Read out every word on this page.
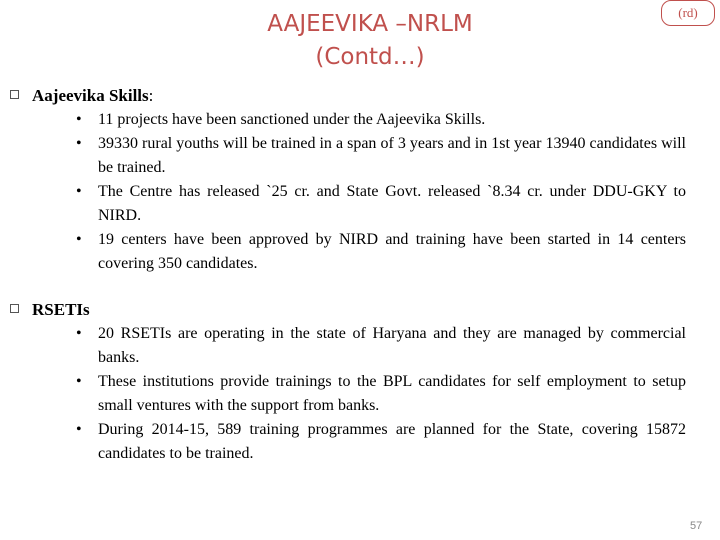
AAJEEVIKA –NRLM
(Contd…)
(rd)
Aajeevika Skills:
• 11 projects have been sanctioned under the Aajeevika Skills.
• 39330 rural youths will be trained in a span of 3 years and in 1st year 13940 candidates will be trained.
• The Centre has released `25 cr. and State Govt. released `8.34 cr. under DDU-GKY to NIRD.
• 19 centers have been approved by NIRD and training have been started in 14 centers covering 350 candidates.
RSETIs
• 20 RSETIs are operating in the state of Haryana and they are managed by commercial banks.
• These institutions provide trainings to the BPL candidates for self employment to setup small ventures with the support from banks.
• During 2014-15, 589 training programmes are planned for the State, covering 15872 candidates to be trained.
57
